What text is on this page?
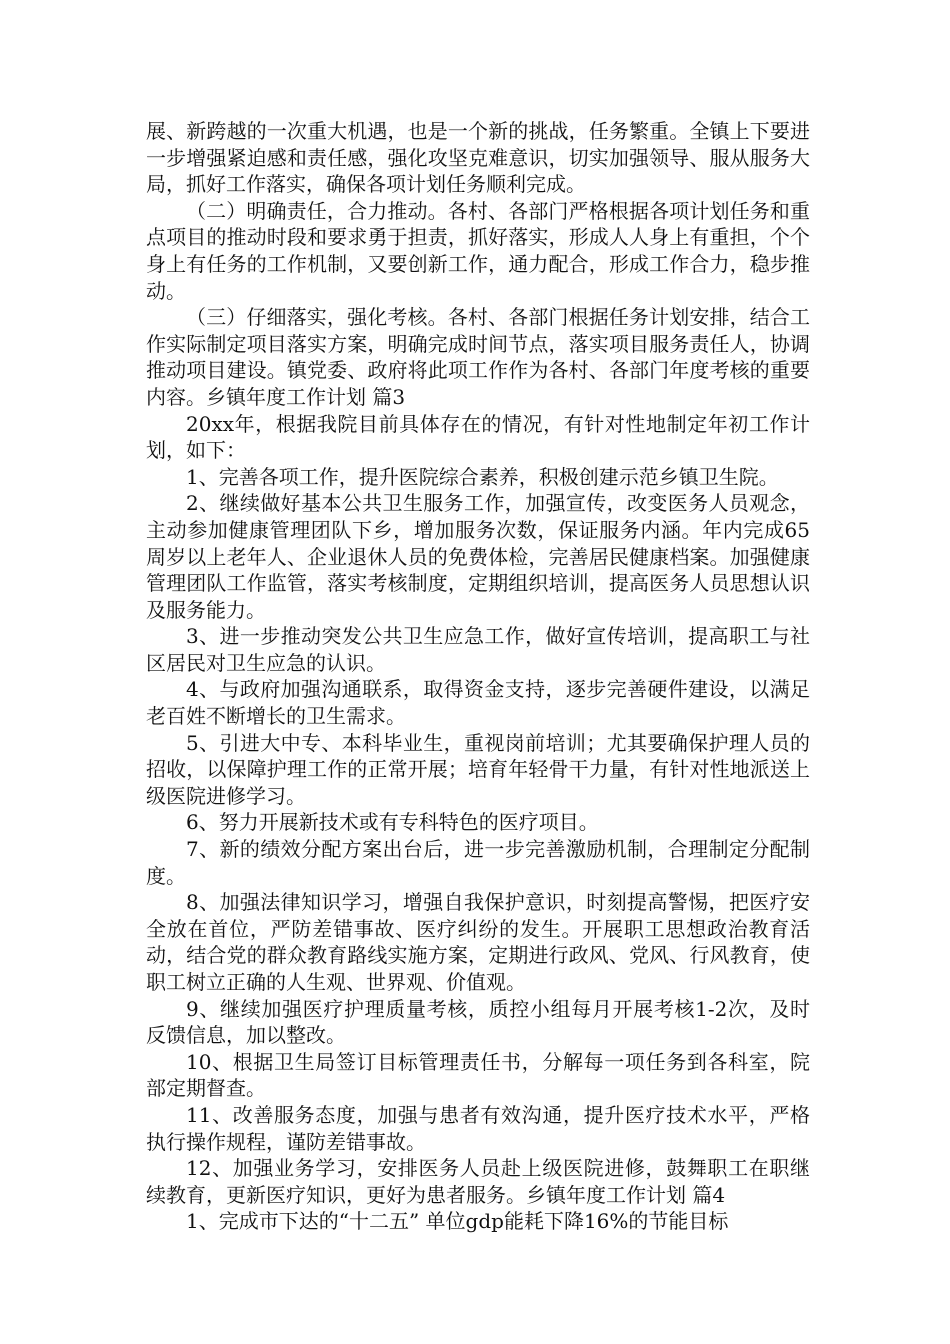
展、新跨越的一次重大机遇，也是一个新的挑战，任务繁重。全镇上下要进一步增强紧迫感和责任感，强化攻坚克难意识，切实加强领导、服从服务大局，抓好工作落实，确保各项计划任务顺利完成。

（二）明确责任，合力推动。各村、各部门严格根据各项计划任务和重点项目的推动时段和要求勇于担责，抓好落实，形成人人身上有重担，个个身上有任务的工作机制，又要创新工作，通力配合，形成工作合力，稳步推动。

（三）仔细落实，强化考核。各村、各部门根据任务计划安排，结合工作实际制定项目落实方案，明确完成时间节点，落实项目服务责任人，协调推动项目建设。镇党委、政府将此项工作作为各村、各部门年度考核的重要内容。乡镇年度工作计划 篇3

20xx年，根据我院目前具体存在的情况，有针对性地制定年初工作计划，如下：

1、完善各项工作，提升医院综合素养，积极创建示范乡镇卫生院。

2、继续做好基本公共卫生服务工作，加强宣传，改变医务人员观念，主动参加健康管理团队下乡，增加服务次数，保证服务内涵。年内完成65周岁以上老年人、企业退休人员的免费体检，完善居民健康档案。加强健康管理团队工作监管，落实考核制度，定期组织培训，提高医务人员思想认识及服务能力。

3、进一步推动突发公共卫生应急工作，做好宣传培训，提高职工与社区居民对卫生应急的认识。

4、与政府加强沟通联系，取得资金支持，逐步完善硬件建设，以满足老百姓不断增长的卫生需求。

5、引进大中专、本科毕业生，重视岗前培训；尤其要确保护理人员的招收，以保障护理工作的正常开展；培育年轻骨干力量，有针对性地派送上级医院进修学习。

6、努力开展新技术或有专科特色的医疗项目。

7、新的绩效分配方案出台后，进一步完善激励机制，合理制定分配制度。

8、加强法律知识学习，增强自我保护意识，时刻提高警惕，把医疗安全放在首位，严防差错事故、医疗纠纷的发生。开展职工思想政治教育活动，结合党的群众教育路线实施方案，定期进行政风、党风、行风教育，使职工树立正确的人生观、世界观、价值观。

9、继续加强医疗护理质量考核，质控小组每月开展考核1-2次，及时反馈信息，加以整改。

10、根据卫生局签订目标管理责任书，分解每一项任务到各科室，院部定期督查。

11、改善服务态度，加强与患者有效沟通，提升医疗技术水平，严格执行操作规程，谨防差错事故。

12、加强业务学习，安排医务人员赴上级医院进修，鼓舞职工在职继续教育，更新医疗知识，更好为患者服务。乡镇年度工作计划 篇4

1、完成市下达的“十二五” 单位gdp能耗下降16%的节能目标
